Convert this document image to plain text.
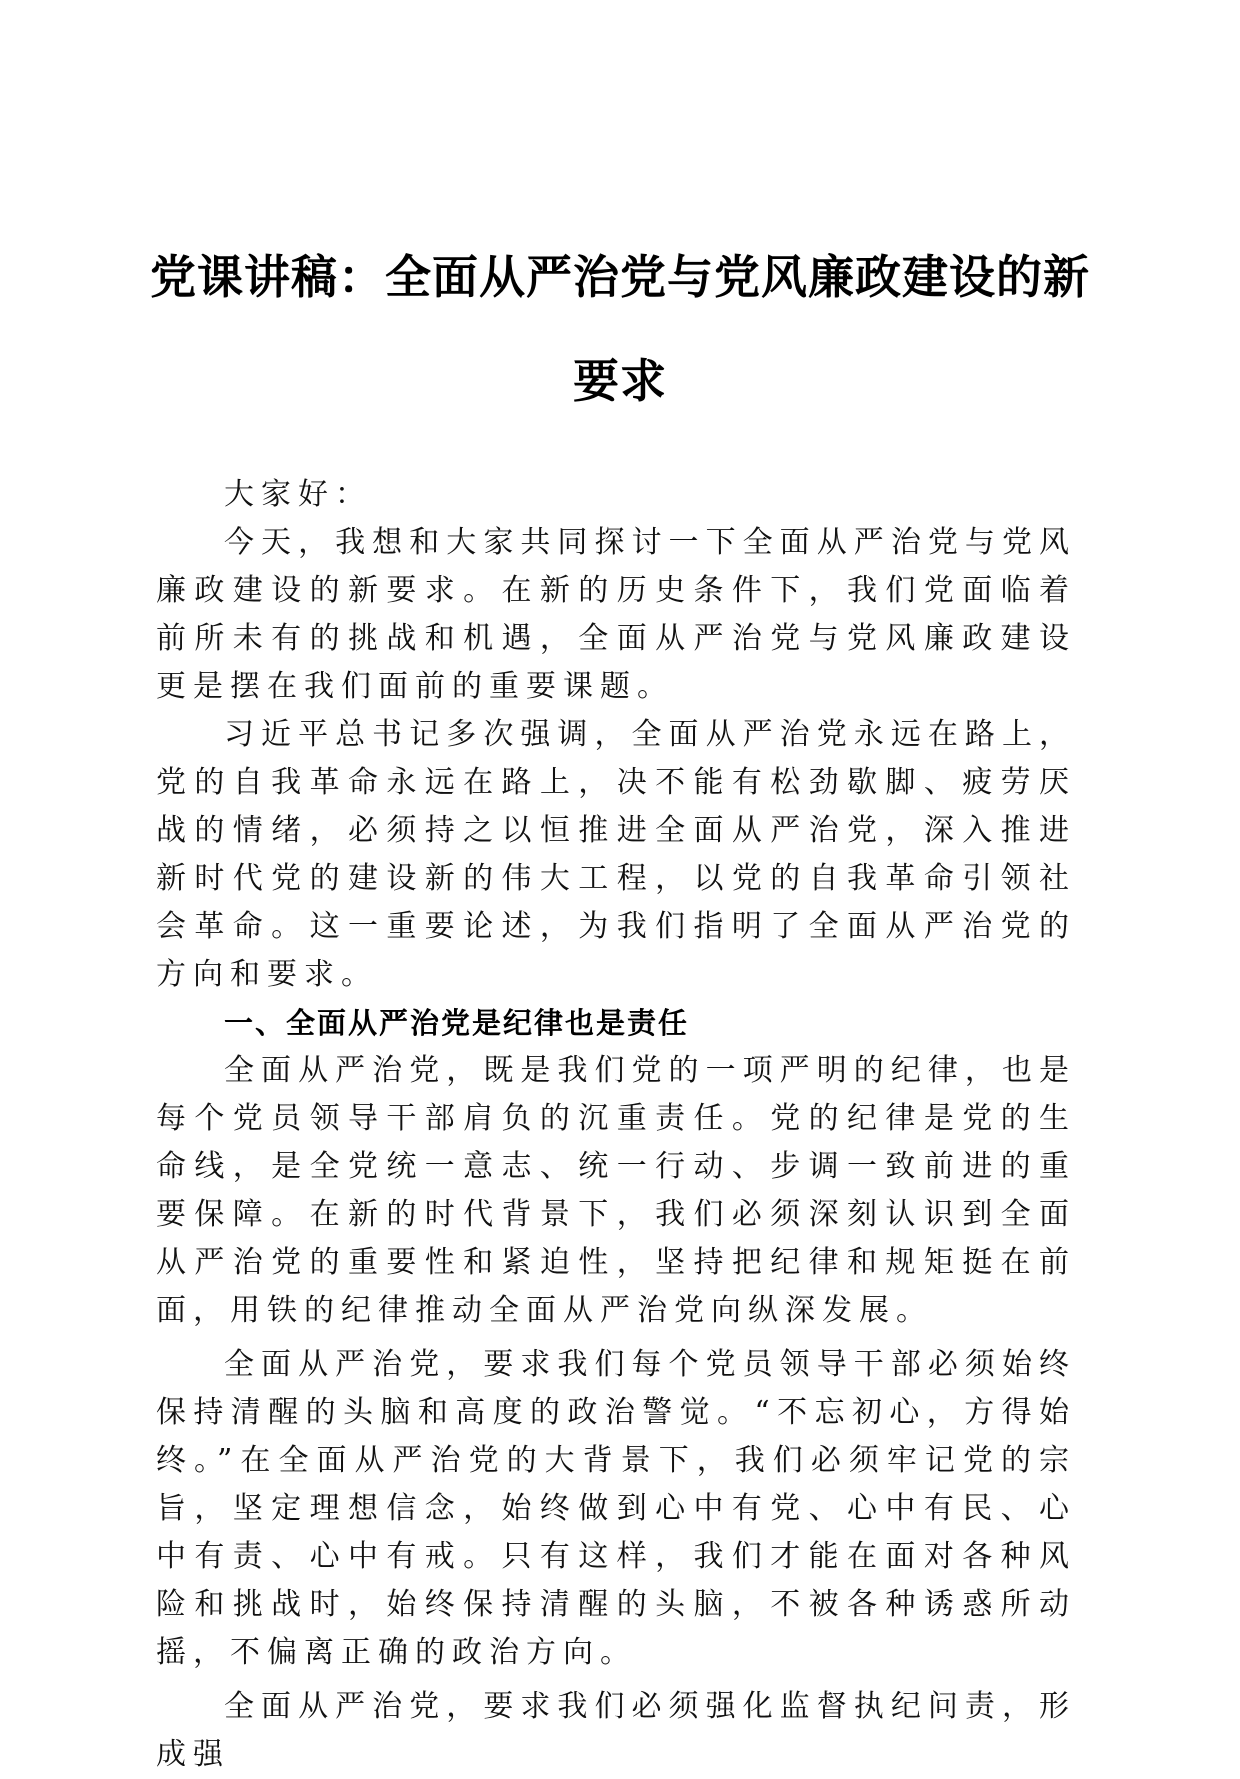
党课讲稿：全面从严治党与党风廉政建设的新要求

大家好：

今天，我想和大家共同探讨一下全面从严治党与党风廉政建设的新要求。在新的历史条件下，我们党面临着前所未有的挑战和机遇，全面从严治党与党风廉政建设更是摆在我们面前的重要课题。

习近平总书记多次强调，全面从严治党永远在路上，党的自我革命永远在路上，决不能有松劲歇脚、疲劳厌战的情绪，必须持之以恒推进全面从严治党，深入推进新时代党的建设新的伟大工程，以党的自我革命引领社会革命。这一重要论述，为我们指明了全面从严治党的方向和要求。

一、全面从严治党是纪律也是责任

全面从严治党，既是我们党的一项严明的纪律，也是每个党员领导干部肩负的沉重责任。党的纪律是党的生命线，是全党统一意志、统一行动、步调一致前进的重要保障。在新的时代背景下，我们必须深刻认识到全面从严治党的重要性和紧迫性，坚持把纪律和规矩挺在前面，用铁的纪律推动全面从严治党向纵深发展。

全面从严治党，要求我们每个党员领导干部必须始终保持清醒的头脑和高度的政治警觉。“不忘初心，方得始终。”在全面从严治党的大背景下，我们必须牢记党的宗旨，坚定理想信念，始终做到心中有党、心中有民、心中有责、心中有戒。只有这样，我们才能在面对各种风险和挑战时，始终保持清醒的头脑，不被各种诱惑所动摇，不偏离正确的政治方向。

全面从严治党，要求我们必须强化监督执纪问责，形成强
